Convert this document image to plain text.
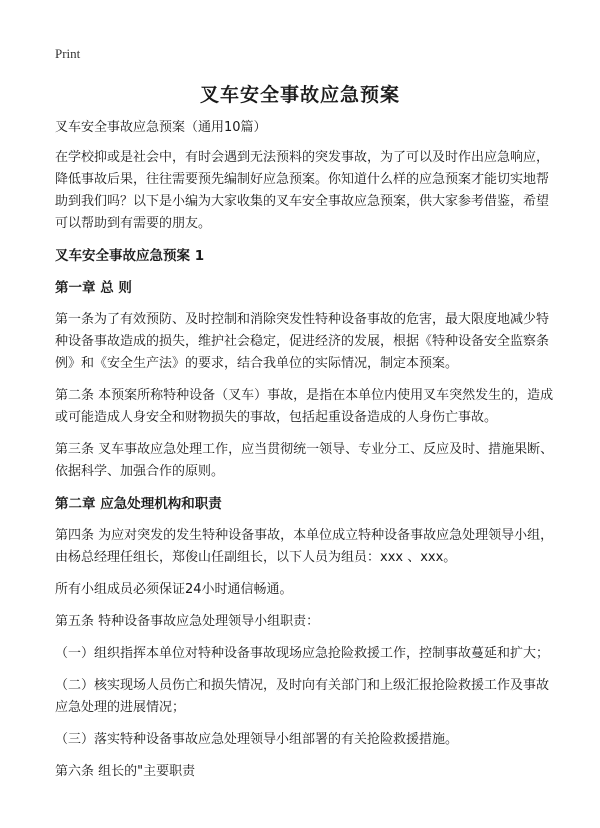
Print
叉车安全事故应急预案

叉车安全事故应急预案（通用10篇）

在学校抑或是社会中，有时会遇到无法预料的突发事故，为了可以及时作出应急响应，降低事故后果，往往需要预先编制好应急预案。你知道什么样的应急预案才能切实地帮助到我们吗？以下是小编为大家收集的叉车安全事故应急预案，供大家参考借鉴，希望可以帮助到有需要的朋友。

叉车安全事故应急预案 1

第一章 总 则

第一条为了有效预防、及时控制和消除突发性特种设备事故的危害，最大限度地减少特种设备事故造成的损失，维护社会稳定，促进经济的发展，根据《特种设备安全监察条例》和《安全生产法》的要求，结合我单位的实际情况，制定本预案。

第二条 本预案所称特种设备（叉车）事故，是指在本单位内使用叉车突然发生的，造成或可能造成人身安全和财物损失的事故，包括起重设备造成的人身伤亡事故。

第三条 叉车事故应急处理工作，应当贯彻统一领导、专业分工、反应及时、措施果断、依据科学、加强合作的原则。

第二章 应急处理机构和职责

第四条 为应对突发的发生特种设备事故，本单位成立特种设备事故应急处理领导小组，由杨总经理任组长，郑俊山任副组长，以下人员为组员：xxx 、xxx。

所有小组成员必须保证24小时通信畅通。

第五条 特种设备事故应急处理领导小组职责：

（一）组织指挥本单位对特种设备事故现场应急抢险救援工作，控制事故蔓延和扩大；

（二）核实现场人员伤亡和损失情况，及时向有关部门和上级汇报抢险救援工作及事故应急处理的进展情况；

（三）落实特种设备事故应急处理领导小组部署的有关抢险救援措施。

第六条 组长的"主要职责
